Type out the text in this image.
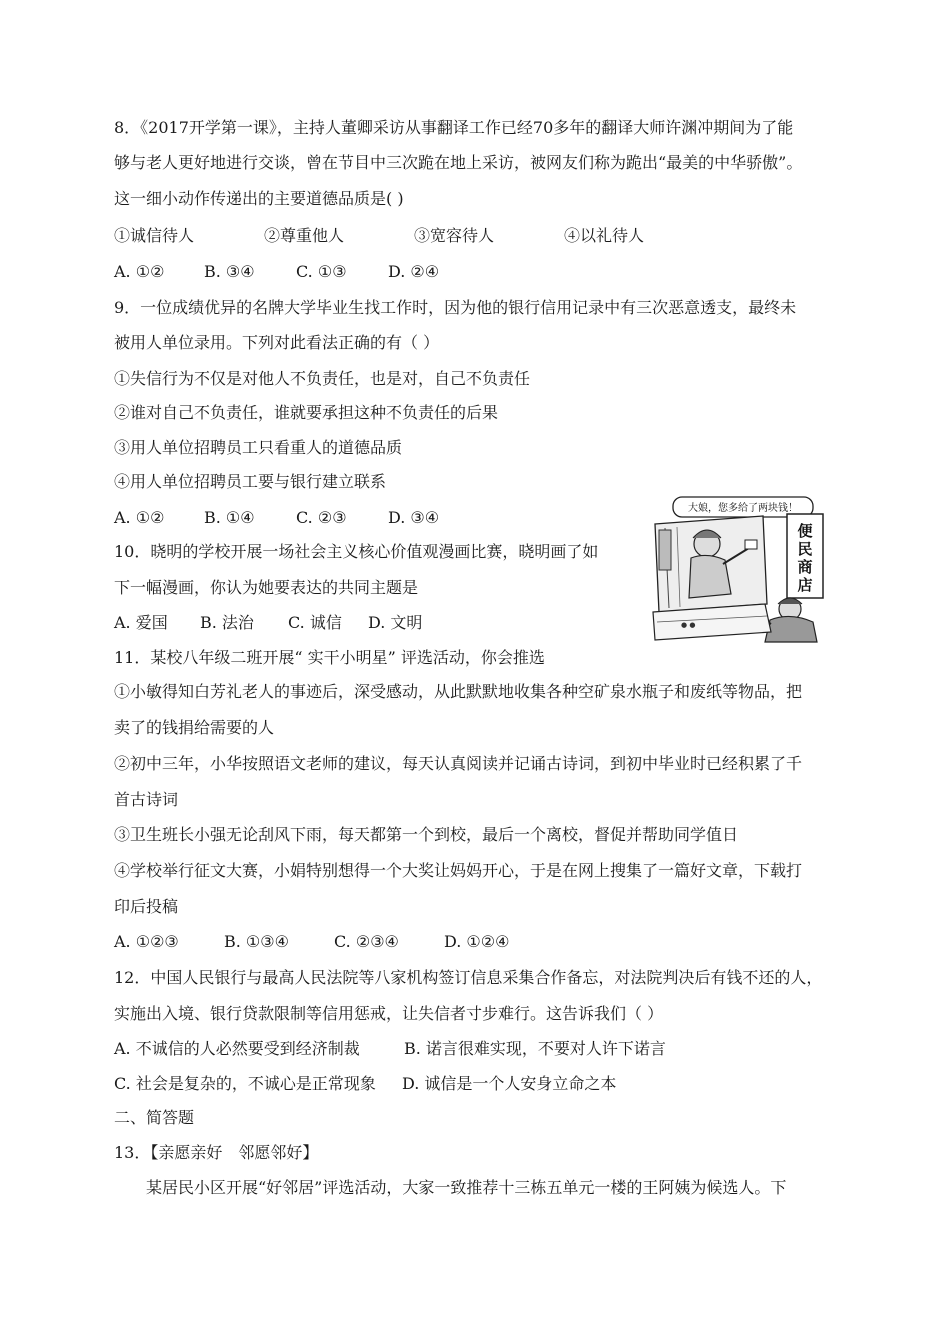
8．《2017开学第一课》，主持人董卿采访从事翻译工作已经70多年的翻译大师许渊冲期间为了能
够与老人更好地进行交谈，曾在节目中三次跪在地上采访，被网友们称为跪出“最美的中华骄傲”。
这一细小动作传递出的主要道德品质是( )
①诚信待人	②尊重他人	③宽容待人	④以礼待人
A. ①② B. ③④	C. ①③	D. ②④
9．一位成绩优异的名牌大学毕业生找工作时，因为他的银行信用记录中有三次恶意透支，最终未
被用人单位录用。下列对此看法正确的有（ ）
①失信行为不仅是对他人不负责任，也是对，自己不负责任
②谁对自己不负责任，谁就要承担这种不负责任的后果
③用人单位招聘员工只看重人的道德品质
④用人单位招聘员工要与银行建立联系
A. ①② B. ①④	C. ②③	D. ③④
10．晓明的学校开展一场社会主义核心价值观漫画比赛，晓明画了如
下一幅漫画，你认为她要表达的共同主题是
A. 爱国 B. 法治 C. 诚信 D. 文明
大娘，您多给了两块钱！
便
民
商
店
● ●
11．某校八年级二班开展“ 实干小明星” 评选活动，你会推选
①小敏得知白芳礼老人的事迹后，深受感动，从此默默地收集各种空矿泉水瓶子和废纸等物品，把
卖了的钱捐给需要的人
②初中三年，小华按照语文老师的建议，每天认真阅读并记诵古诗词，到初中毕业时已经积累了千
首古诗词
③卫生班长小强无论刮风下雨，每天都第一个到校，最后一个离校，督促并帮助同学值日
④学校举行征文大赛，小娟特别想得一个大奖让妈妈开心，于是在网上搜集了一篇好文章，下载打
印后投稿
A. ①②③	B. ①③④	C. ②③④	D. ①②④
12．中国人民银行与最高人民法院等八家机构签订信息采集合作备忘，对法院判决后有钱不还的人，
实施出入境、银行贷款限制等信用惩戒，让失信者寸步难行。这告诉我们（ ）
A. 不诚信的人必然要受到经济制裁	B. 诺言很难实现，不要对人许下诺言
C. 社会是复杂的，不诚心是正常现象 D. 诚信是一个人安身立命之本
二、简答题
13．【亲愿亲好　邻愿邻好】
某居民小区开展“好邻居”评选活动，大家一致推荐十三栋五单元一楼的王阿姨为候选人。下
